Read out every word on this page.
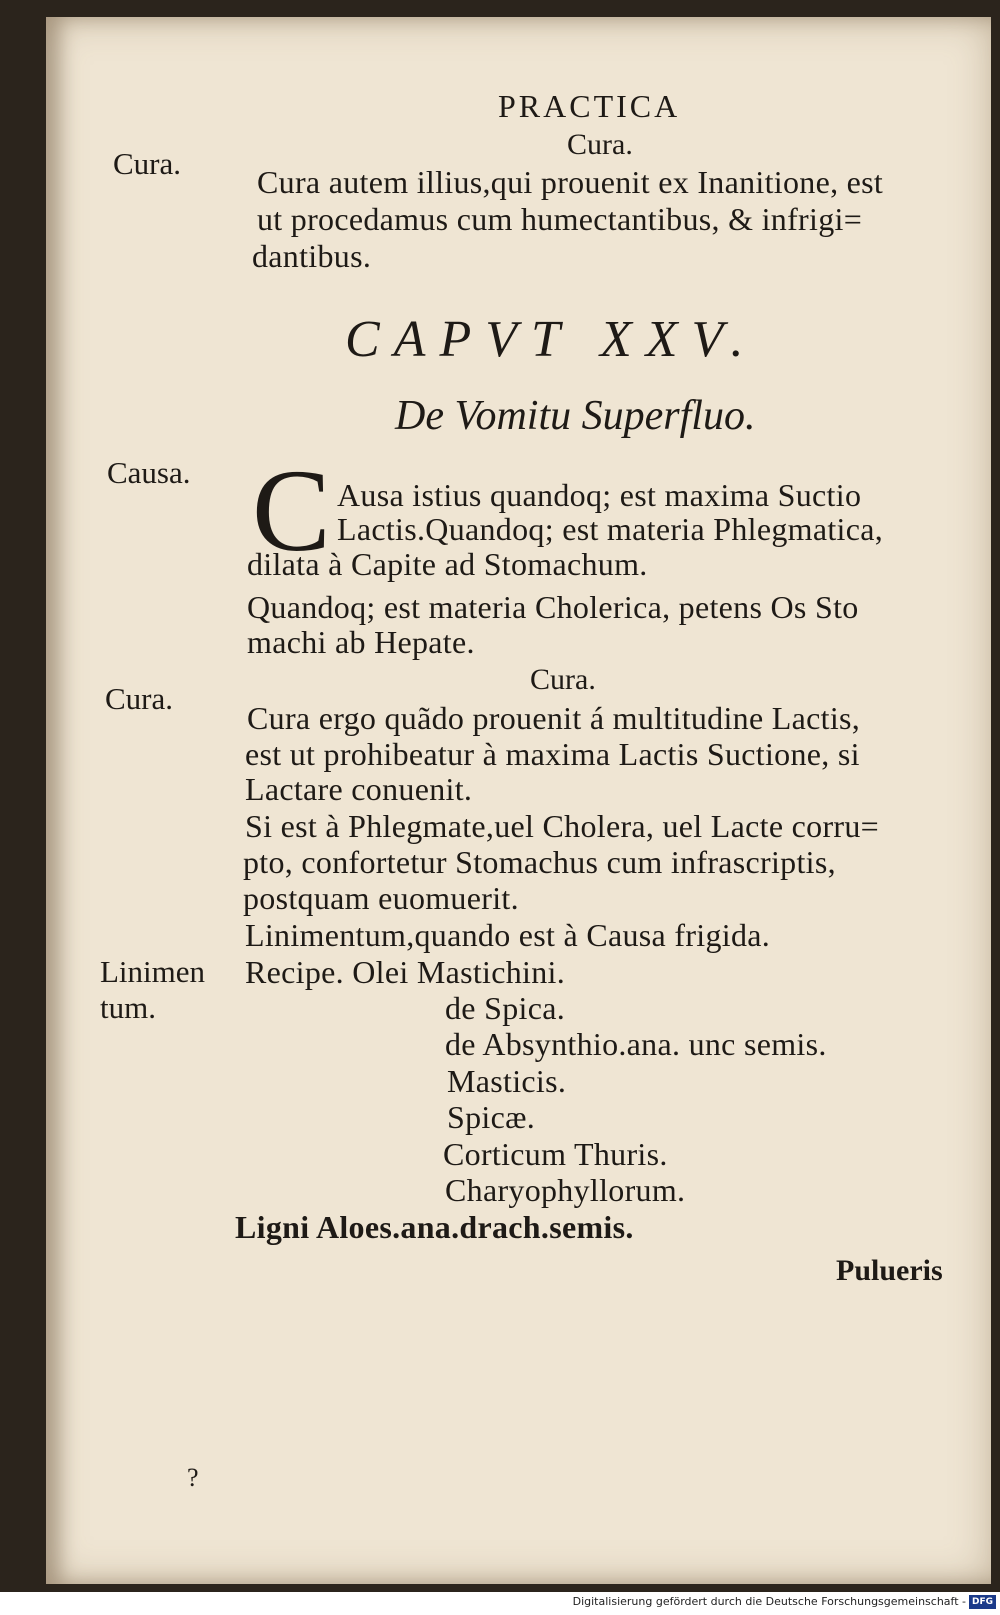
PRACTICA
Cura.
Cura.
Cura autem illius,qui prouenit ex Inanitione, est
ut procedamus cum humectantibus, & infrigi=
dantibus.
CAPVT XXV.
De Vomitu Superfluo.
Causa. C Ausa istius quandoq; est maxima Suctio
Lactis.Quandoq; est materia Phlegmatica,
dilata à Capite ad Stomachum.
Quandoq; est materia Cholerica, petens Os Sto
machi ab Hepate.
Cura.
Cura.
Cura ergo quãdo prouenit á multitudine Lactis,
est ut prohibeatur à maxima Lactis Suctione, si
Lactare conuenit.
Si est à Phlegmate,uel Cholera, uel Lacte corru=
pto, confortetur Stomachus cum infrascriptis,
postquam euomuerit.
Linimentum,quando est à Causa frigida.
Linimen
tum.
Recipe. Olei Mastichini.
de Spica.
de Absynthio.ana. unc semis.
Masticis.
Spicæ.
Corticum Thuris.
Charyophyllorum.
Ligni Aloes.ana.drach.semis.
Pulueris
?
Digitalisierung gefördert durch die Deutsche Forschungsgemeinschaft - DFG
